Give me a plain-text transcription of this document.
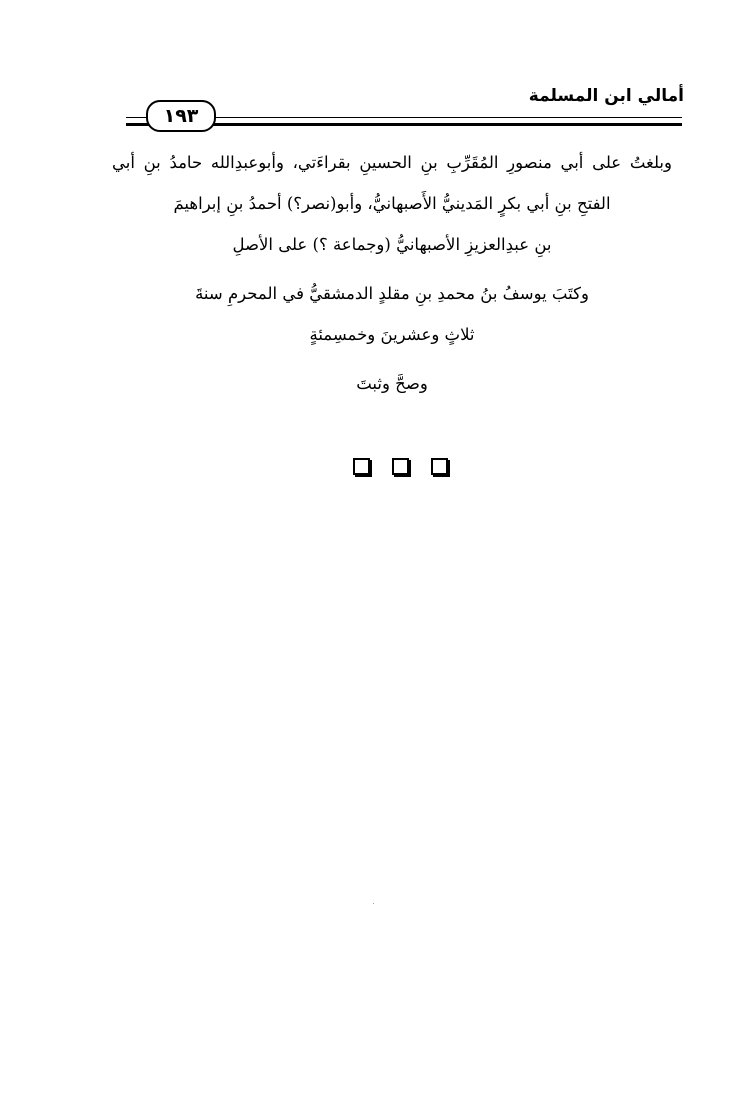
أمالي ابن المسلمة
١٩٣
وبلغتُ على أبي منصورِ المُقَرِّبِ بنِ الحسينِ بقراءَتي، وأبوعبدِالله حامدُ بنِ أبي
الفتحِ بنِ أبي بكرٍ المَدينيُّ الأَصبهانيُّ، وأبو(نصر؟) أحمدُ بنِ إبراهيمَ
بنِ عبدِالعزيزِ الأصبهانيُّ (وجماعة ؟) على الأصلِ
وكتَبَ يوسفُ بنُ محمدِ بنِ مقلدٍ الدمشقيُّ في المحرمِ سنةَ
ثلاثٍ وعشرينَ وخمسِمئةٍ
وصحَّ وثبتَ
